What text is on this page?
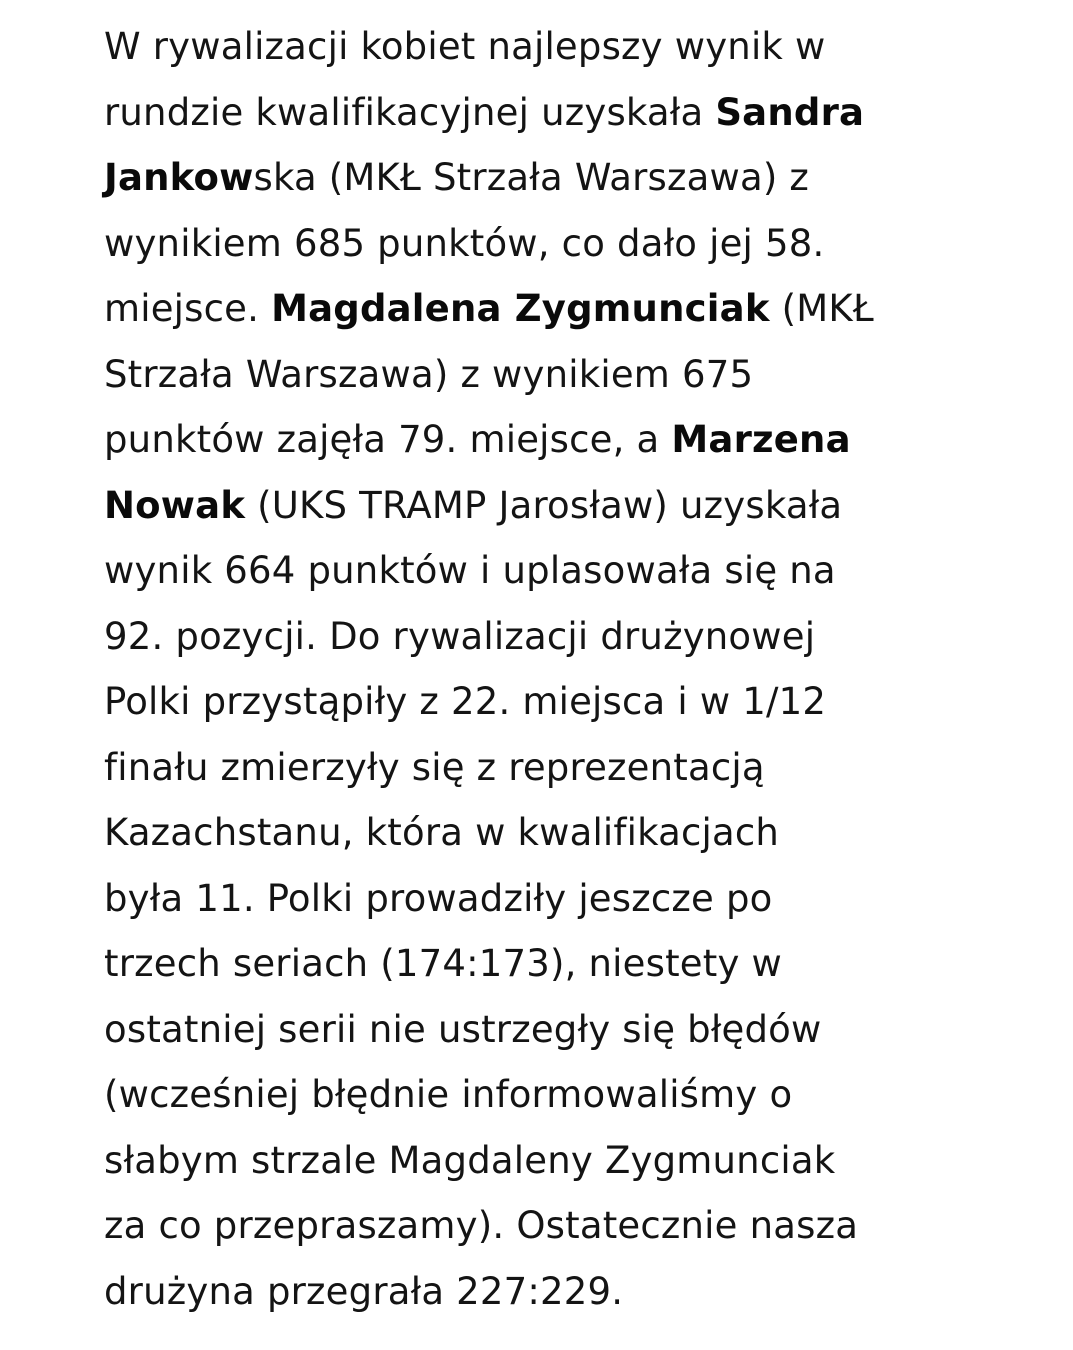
W rywalizacji kobiet najlepszy wynik w
rundzie kwalifikacyjnej uzyskała Sandra
Jankowska (MKŁ Strzała Warszawa) z
wynikiem 685 punktów, co dało jej 58.
miejsce. Magdalena Zygmunciak (MKŁ
Strzała Warszawa) z wynikiem 675
punktów zajęła 79. miejsce, a Marzena
Nowak (UKS TRAMP Jarosław) uzyskała
wynik 664 punktów i uplasowała się na
92. pozycji. Do rywalizacji drużynowej
Polki przystąpiły z 22. miejsca i w 1/12
finału zmierzyły się z reprezentacją
Kazachstanu, która w kwalifikacjach
była 11. Polki prowadziły jeszcze po
trzech seriach (174:173), niestety w
ostatniej serii nie ustrzegły się błędów
(wcześniej błędnie informowaliśmy o
słabym strzale Magdaleny Zygmunciak
za co przepraszamy). Ostatecznie nasza
drużyna przegrała 227:229.
